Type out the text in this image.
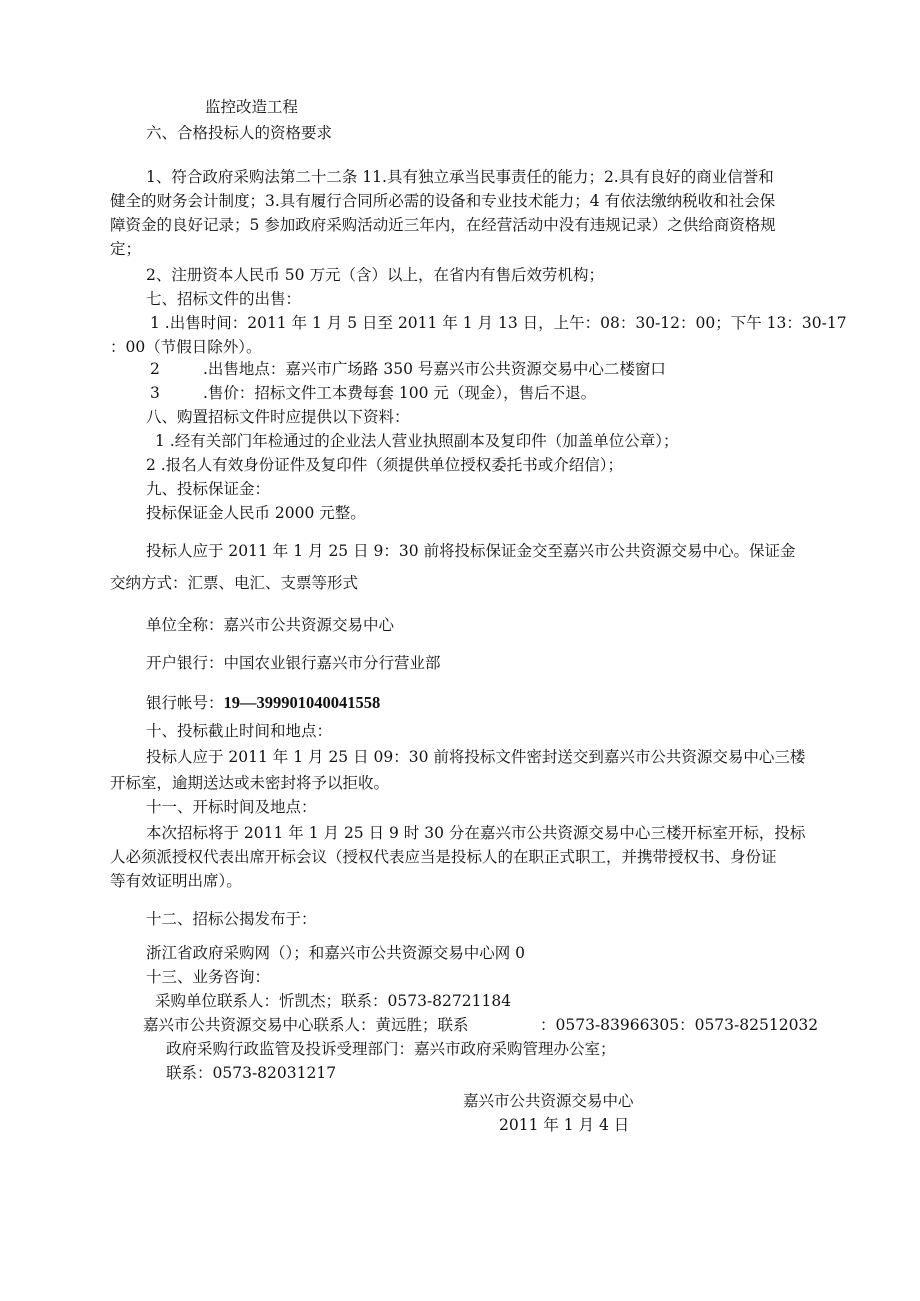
监控改造工程
六、合格投标人的资格要求
1、符合政府采购法第二十二条 11.具有独立承当民事责任的能力；2.具有良好的商业信誉和
健全的财务会计制度；3.具有履行合同所必需的设备和专业技术能力；4 有依法缴纳税收和社会保
障资金的良好记录；5 参加政府采购活动近三年内，在经营活动中没有违规记录）之供给商资格规
定；
2、注册资本人民币 50 万元（含）以上，在省内有售后效劳机构；
七、招标文件的出售：
1 .出售时间：2011 年 1 月 5 日至 2011 年 1 月 13 日，上午：08：30-12：00；下午 13：30-17
：00（节假日除外）。
2	.出售地点：嘉兴市广场路 350 号嘉兴市公共资源交易中心二楼窗口
3	.售价：招标文件工本费每套 100 元（现金），售后不退。
八、购置招标文件时应提供以下资料：
1 .经有关部门年检通过的企业法人营业执照副本及复印件（加盖单位公章）；
2 .报名人有效身份证件及复印件（须提供单位授权委托书或介绍信）；
九、投标保证金：
投标保证金人民币 2000 元整。
投标人应于 2011 年 1 月 25 日 9：30 前将投标保证金交至嘉兴市公共资源交易中心。保证金
交纳方式：汇票、电汇、支票等形式
单位全称：嘉兴市公共资源交易中心
开户银行：中国农业银行嘉兴市分行营业部
银行帐号：19—399901040041558
十、投标截止时间和地点：
投标人应于 2011 年 1 月 25 日 09：30 前将投标文件密封送交到嘉兴市公共资源交易中心三楼
开标室，逾期送达或未密封将予以拒收。
十一、开标时间及地点：
本次招标将于 2011 年 1 月 25 日 9 时 30 分在嘉兴市公共资源交易中心三楼开标室开标，投标
人必须派授权代表出席开标会议（授权代表应当是投标人的在职正式职工，并携带授权书、身份证
等有效证明出席）。
十二、招标公揭发布于：
浙江省政府采购网（）；和嘉兴市公共资源交易中心网 0
十三、业务咨询：
采购单位联系人：忻凯杰；联系：0573-82721184
嘉兴市公共资源交易中心联系人：黄远胜；联系	：0573-83966305：0573-82512032
政府采购行政监管及投诉受理部门：嘉兴市政府采购管理办公室；
联系：0573-82031217
嘉兴市公共资源交易中心
2011 年 1 月 4 日
